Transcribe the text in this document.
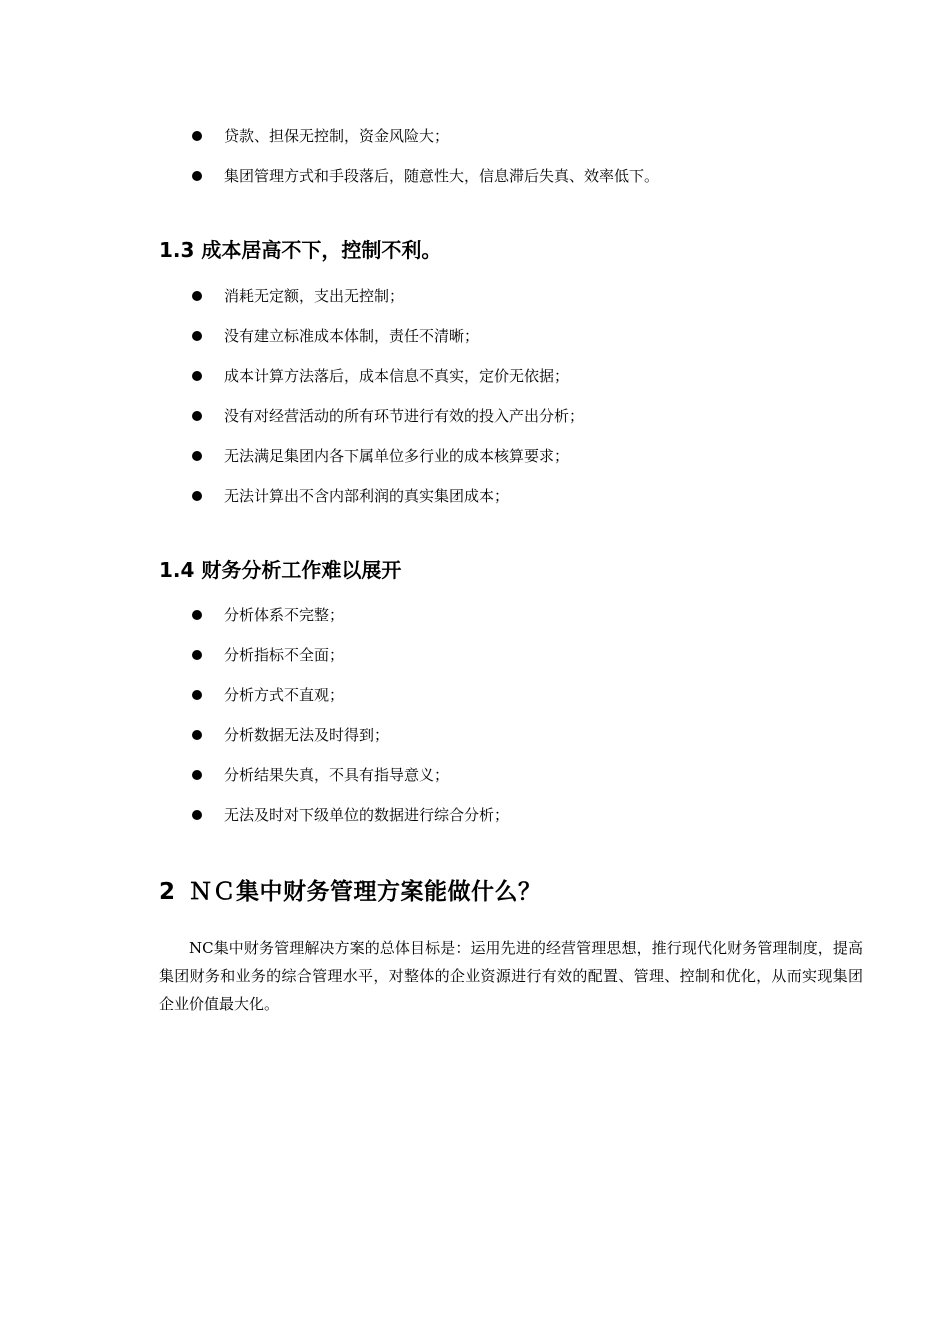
贷款、担保无控制，资金风险大；
集团管理方式和手段落后，随意性大，信息滞后失真、效率低下。
1.3 成本居高不下，控制不利。
消耗无定额，支出无控制；
没有建立标准成本体制，责任不清晰；
成本计算方法落后，成本信息不真实，定价无依据；
没有对经营活动的所有环节进行有效的投入产出分析；
无法满足集团内各下属单位多行业的成本核算要求；
无法计算出不含内部利润的真实集团成本；
1.4 财务分析工作难以展开
分析体系不完整；
分析指标不全面；
分析方式不直观；
分析数据无法及时得到；
分析结果失真，不具有指导意义；
无法及时对下级单位的数据进行综合分析；
2 ＮＣ集中财务管理方案能做什么？

NC集中财务管理解决方案的总体目标是：运用先进的经营管理思想，推行现代化财务管理制度，提高集团财务和业务的综合管理水平，对整体的企业资源进行有效的配置、管理、控制和优化，从而实现集团企业价值最大化。
